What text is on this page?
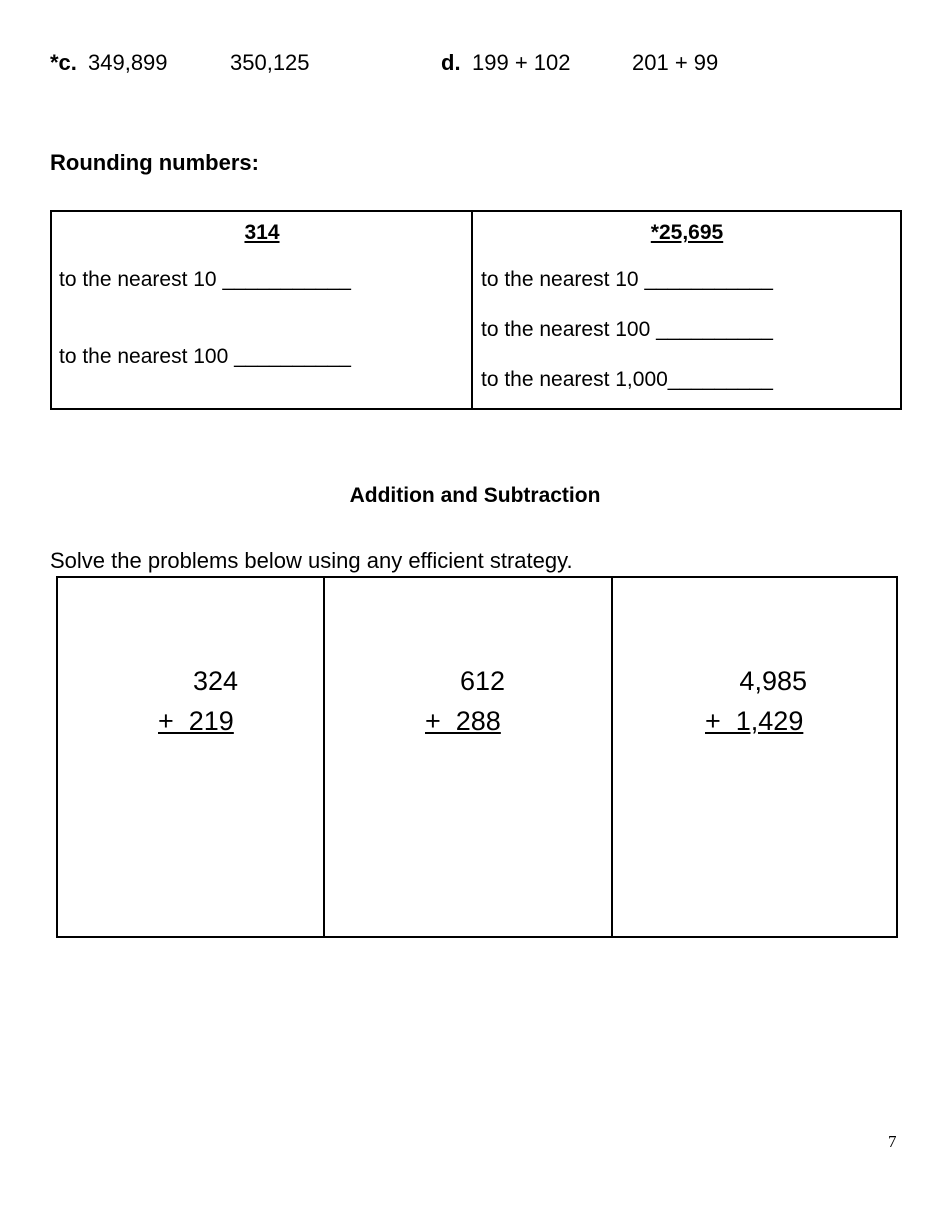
*c. 349,899	350,125	d. 199 + 102	201 + 99
Rounding numbers:
314
to the nearest 10 ___________
to the nearest 100 __________
*25,695
to the nearest 10 ___________
to the nearest 100 __________
to the nearest 1,000_________
Addition and Subtraction
Solve the problems below using any efficient strategy.
324
+  219
612
+  288
4,985
+  1,429
7
